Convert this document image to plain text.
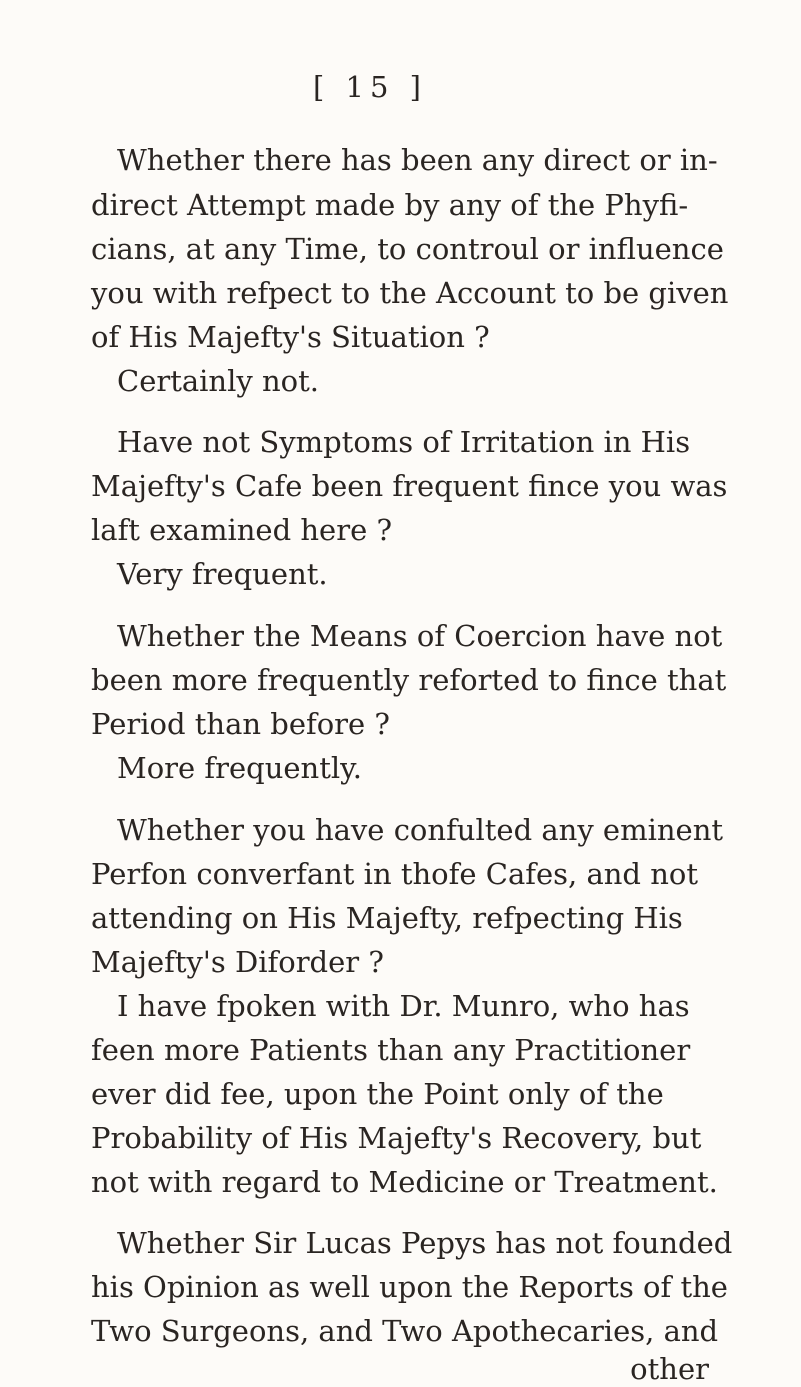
[ 15 ]
Whether there has been any direct or in-
direct Attempt made by any of the Phyfi-
cians, at any Time, to controul or influence
you with refpect to the Account to be given
of His Majefty's Situation ?
Certainly not.
Have not Symptoms of Irritation in His
Majefty's Cafe been frequent fince you was
laft examined here ?
Very frequent.
Whether the Means of Coercion have not
been more frequently reforted to fince that
Period than before ?
More frequently.
Whether you have confulted any eminent
Perfon converfant in thofe Cafes, and not
attending on His Majefty, refpecting His
Majefty's Diforder ?
I have fpoken with Dr. Munro, who has
feen more Patients than any Practitioner
ever did fee, upon the Point only of the
Probability of His Majefty's Recovery, but
not with regard to Medicine or Treatment.
Whether Sir Lucas Pepys has not founded
his Opinion as well upon the Reports of the
Two Surgeons, and Two Apothecaries, and
other
